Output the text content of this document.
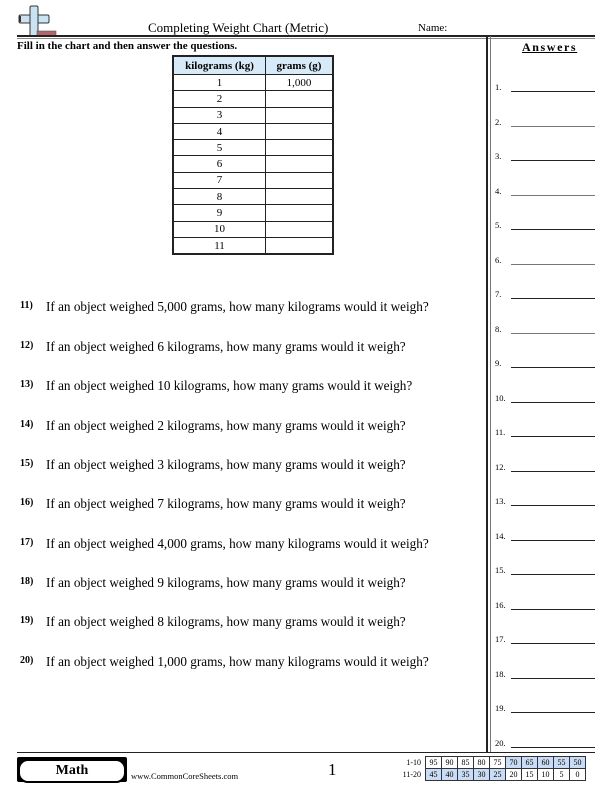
Completing Weight Chart (Metric)	Name:
Fill in the chart and then answer the questions.
kilograms (kg)	grams (g)
1	1,000
2	
3	
4	
5	
6	
7	
8	
9	
10	
11	
11) If an object weighed 5,000 grams, how many kilograms would it weigh?
12) If an object weighed 6 kilograms, how many grams would it weigh?
13) If an object weighed 10 kilograms, how many grams would it weigh?
14) If an object weighed 2 kilograms, how many grams would it weigh?
15) If an object weighed 3 kilograms, how many grams would it weigh?
16) If an object weighed 7 kilograms, how many grams would it weigh?
17) If an object weighed 4,000 grams, how many kilograms would it weigh?
18) If an object weighed 9 kilograms, how many grams would it weigh?
19) If an object weighed 8 kilograms, how many grams would it weigh?
20) If an object weighed 1,000 grams, how many kilograms would it weigh?
Answers
1.
2.
3.
4.
5.
6.
7.
8.
9.
10.
11.
12.
13.
14.
15.
16.
17.
18.
19.
20.
Math	www.CommonCoreSheets.com	1	1-10	95	90	85	80	75	70	65	60	55	50
11-20	45	40	35	30	25	20	15	10	5	0
